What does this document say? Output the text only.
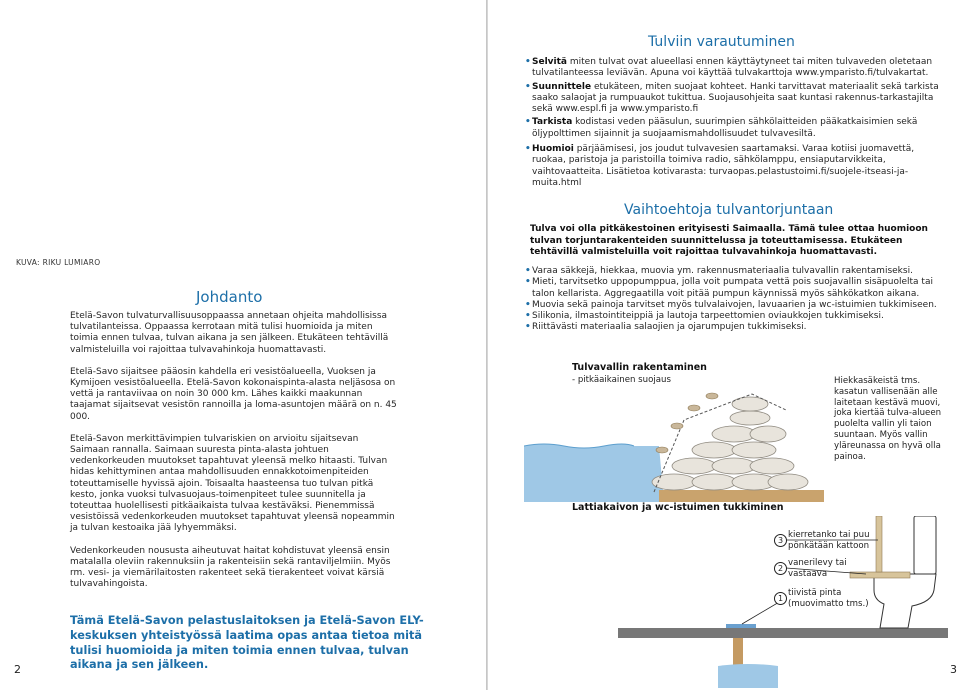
KUVA: RIKU LUMIARO
Johdanto

Etelä-Savon tulvaturvallisuusoppaassa annetaan ohjeita mahdollisissa tulvatilanteissa. Oppaassa kerrotaan mitä tulisi huomioida ja miten toimia ennen tulvaa, tulvan aikana ja sen jälkeen. Etukäteen tehtävillä valmisteluilla voi rajoittaa tulvavahinkoja huomattavasti.

Etelä-Savo sijaitsee pääosin kahdella eri vesistöalueella, Vuoksen ja Kymijoen vesistöalueella. Etelä-Savon kokonaispinta-alasta neljäsosa on vettä ja rantaviivaa on noin 30 000 km. Lähes kaikki maakunnan taajamat sijaitsevat vesistön rannoilla ja loma-asuntojen määrä on n. 45 000.

Etelä-Savon merkittävimpien tulvariskien on arvioitu sijaitsevan Saimaan rannalla. Saimaan suuresta pinta-alasta johtuen vedenkorkeuden muutokset tapahtuvat yleensä melko hitaasti. Tulvan hidas kehittyminen antaa mahdollisuuden ennakkotoimenpiteiden toteuttamiselle hyvissä ajoin. Toisaalta haasteensa tuo tulvan pitkä kesto, jonka vuoksi tulvasuojaus-toimenpiteet tulee suunnitella ja toteuttaa huolellisesti pitkäaikaista tulvaa kestäväksi. Pienemmissä vesistöissä vedenkorkeuden muutokset tapahtuvat yleensä nopeammin ja tulvan kestoaika jää lyhyemmäksi.

Vedenkorkeuden noususta aiheutuvat haitat kohdistuvat yleensä ensin matalalla oleviin rakennuksiin ja rakenteisiin sekä rantaviljelmiin. Myös rm. vesi- ja viemärilaitosten rakenteet sekä tierakenteet voivat kärsiä tulvavahingoista.

Tämä Etelä-Savon pelastuslaitoksen ja Etelä-Savon ELY-keskuksen yhteistyössä laatima opas antaa tietoa mitä tulisi huomioida ja miten toimia ennen tulvaa, tulvan aikana ja sen jälkeen.
2
Tulviin varautuminen
• Selvitä miten tulvat ovat alueellasi ennen käyttäytyneet tai miten tulvaveden oletetaan tulvatilanteessa leviävän. Apuna voi käyttää tulvakarttoja www.ymparisto.fi/tulvakartat.
• Suunnittele etukäteen, miten suojaat kohteet. Hanki tarvittavat materiaalit sekä tarkista saako salaojat ja rumpuaukot tukittua. Suojausohjeita saat kuntasi rakennus-tarkastajilta sekä www.espl.fi ja www.ymparisto.fi
• Tarkista kodistasi veden pääsulun, suurimpien sähkölaitteiden pääkatkaisimien sekä öljypolttimen sijainnit ja suojaamismahdollisuudet tulvavesiltä.
• Huomioi pärjäämisesi, jos joudut tulvavesien saartamaksi. Varaa kotiisi juomavettä, ruokaa, paristoja ja paristoilla toimiva radio, sähkölamppu, ensiaputarvikkeita, vaihtovaatteita. Lisätietoa kotivarasta: turvaopas.pelastustoimi.fi/suojele-itseasi-ja-muita.html
Vaihtoehtoja tulvantorjuntaan
Tulva voi olla pitkäkestoinen erityisesti Saimaalla. Tämä tulee ottaa huomioon tulvan torjuntarakenteiden suunnittelussa ja toteuttamisessa. Etukäteen tehtävillä valmisteluilla voit rajoittaa tulvavahinkoja huomattavasti.
• Varaa säkkejä, hiekkaa, muovia ym. rakennusmateriaalia tulvavallin rakentamiseksi.
• Mieti, tarvitsetko uppopumppua, jolla voit pumpata vettä pois suojavallin sisäpuolelta tai talon kellarista. Aggregaatilla voit pitää pumpun käynnissä myös sähkökatkon aikana.
• Muovia sekä painoja tarvitset myös tulvalaivojen, lavuaarien ja wc-istuimien tukkimiseen.
• Silikonia, ilmastointiteippiä ja lautoja tarpeettomien oviaukkojen tukkimiseksi.
• Riittävästi materiaalia salaojien ja ojarumpujen tukkimiseksi.
Tulvavallin rakentaminen
- pitkäaikainen suojaus	Hiekkasäkeistä tms. kasatun vallisenään alle laitetaan kestävä muovi, joka kiertää tulva-alueen puolelta vallin yli taion suuntaan. Myös vallin yläreunassa on hyvä olla painoa.
Lattiakaivon ja wc-istuimen tukkiminen
3
kierretanko tai puu pönkätään kattoon
2
vanerilevy tai vastaava
1
tiivistä pinta (muovimatto tms.)
3
